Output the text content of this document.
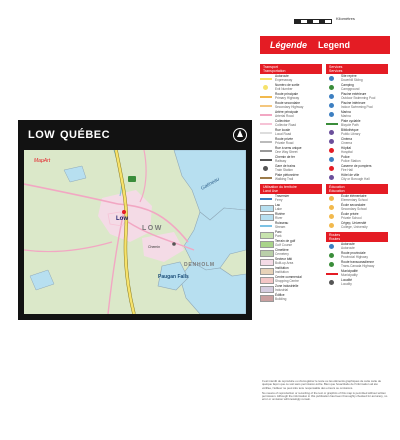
LOW QUÉBEC
MapArt
Low
LOW
DENHOLM
Paugan Falls
Gatineau
Chemin
Kilomètres
Légende Legend
Transport
Transportation
Autoroute
Expressway
Numéro de sortie
Exit Number
Route principale
Primary Highway
Route secondaire
Secondary Highway
Artère principale
Arterial Road
Collectrice
Collector Road
Rue locale
Local Road
Route privée
Private Road
Rue à sens unique
One Way Street
Chemin de fer
Railway
Gare de trains
Train Station
Piste piétonnière
Walking Trail
Utilisation du territoire
Land Use
Traversier
Ferry
Lac
Lake
Rivière
River
Ruisseau
Stream
Parc
Park
Terrain de golf
Golf Course
Cimetière
Cemetery
Secteur bâti
Built-up Area
Institution
Institution
Centre commercial
Shopping Centre
Zone industrielle
Industrial
Édifice
Building
Services
Services
Site repère
Downhill Skiing
Camping
Campground
Piscine extérieure
Outdoor Swimming Pool
Piscine intérieure
Indoor Swimming Pool
Marina
Marina
Piste cyclable
Bicycle Path
Bibliothèque
Public Library
Cinéma
Cinema
Hôpital
Hospital
Police
Police Station
Caserne de pompiers
Fire Hall
Hôtel de ville
City or Borough Hall
Éducation
Education
École élémentaire
Elementary School
École secondaire
Secondary School
École privée
Private School
Cégep, Université
College, University
Routes
Routes
Autoroute
Autoroute
Route provinciale
Provincial Highway
Route transcanadienne
Trans-Canada Highway
Municipalité
Municipality
Localité
Locality

Il est interdit de reproduire ou d'enregistrer le texte ou les éléments graphiques de cette carte de quelque façon que ce soit sans permission écrite. Bien que l'exactitude de l'information ait été vérifiée, l'éditeur ne peut être tenu responsable des erreurs ou omissions.

No means of reproduction or recording of the text or graphics of this map is permitted without written permission. Although the information in this publication has been thoroughly checked for accuracy, no error or omission will knowingly remain.
